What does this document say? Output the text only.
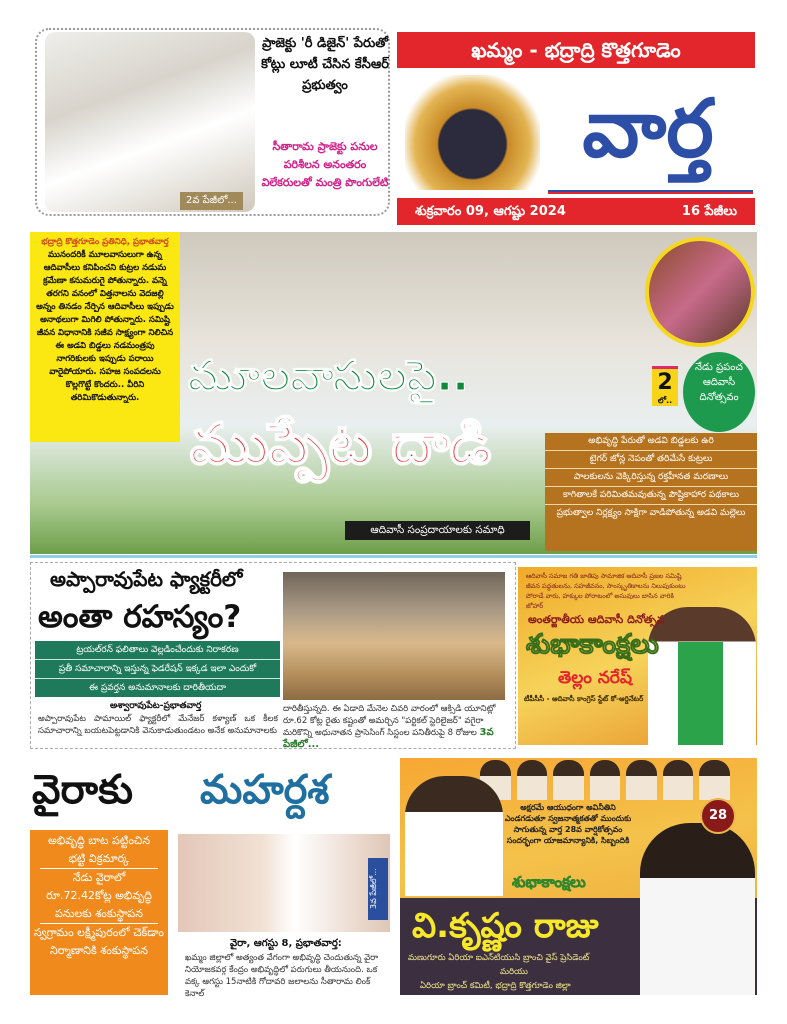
2వ పేజీలో...
ప్రాజెక్టు 'రీ డిజైన్' పేరుతో కోట్లు లూటీ చేసిన కేసీఆర్ ప్రభుత్వం
సీతారామ ప్రాజెక్టు పనుల పరిశీలన అనంతరం విలేకరులతో మంత్రి పొంగులేటి
ఖమ్మం - భద్రాద్రి కొత్తగూడెం
వార్త
శుక్రవారం 09, ఆగష్టు 2024	16 పేజీలు
అభివృద్ధి పేరుతో అడవి బిడ్డలకు ఉరి
టైగర్ జోన్ల నెపంతో తరిమేసే కుట్రలు
పాలకులను వెక్కిరిస్తున్న రక్తహీనత మరణాలు
కాగితాలకే పరిమితమవుతున్న పౌష్టికాహార పథకాలు
ప్రభుత్వాల నిర్లక్ష్యం సాక్షిగా వాడిపోతున్న అడవి మల్లెలు
భద్రాద్రి కొత్తగూడెం ప్రతినిధి, ప్రభాతవార్త
మునందరికీ మూలవాసులుగా ఉన్న ఆదివాసీలు కనిపించని కుట్రల నడుమ క్రమేణా కనుమరుగై పోతున్నారు. వన్నె తరగని వనంలో విత్తనాలను వెదజల్లి అన్నం తినడం నేర్పిన ఆదివాసీలు ఇప్పుడు అనాథలుగా మిగిలి పోతున్నారు. సమిష్టి జీవన విధానానికి సజీవ సాక్ష్యంగా నిలిచిన ఈ అడవి బిడ్డలు నడమంత్రపు నాగరికులకు ఇప్పుడు పరాయి వారైపోయారు. సహజ సంపదలను కొల్లగొట్టే కొందరు.. వీరిని తరిమికొడుతున్నారు.
2
లో..
నేడు ప్రపంచ ఆదివాసీ దినోత్సవం
మూలవాసులపై..
ముప్పేట దాడి
ఆదివాసీ సంప్రదాయాలకు సమాధి
అప్పారావుపేట ఫ్యాక్టరీలో
అంతా రహస్యం?
ట్రయల్‌రన్ ఫలితాలు వెల్లడించేందుకు నిరాకరణ
ప్రతీ సమాచారాన్ని ఇస్తున్న ఫెడరేషన్ ఇక్కడ ఇలా ఎందుకో
ఈ ప్రవర్తన అనుమానాలకు దారితీయదా
అశ్వారావుపేట-ప్రభాతవార్త
అప్పారావుపేట పామాయిల్ ఫ్యాక్టరీలో మేనేజర్ కళ్యాణ్ ఒక కీలక సమాచారాన్ని బయటపెట్టడానికి వెనుకాడుతుండటం అనేక అనుమానాలకు
దారితీస్తున్నది. ఈ ఏడాది మేనెల చివరి వారంలో ఆక్సిడి యూనిట్లో రూ.62 కోట్ల రైతు కష్టంతో అమర్చిన "పర్టికల్ స్టెరిలైజర్" వగైరా మరికొన్ని అధునాతన ప్రాసెసింగ్ సిస్టంల పనితీరుపై 8 రోజుల 3వ పేజీలో...
ఆదివాసీ సమాజ గతి జాతిపు సామాజిక ఆదివాసీ ప్రజల సమిష్టి జీవన పద్ధతులను, సహజీవనం, సాంస్కృతికాలను నిలుపుకుంటు పోరాడే వారు, హక్కుల పోరాటంలో అసువులు బాసిన వారికి జోహార్
అంతర్జాతీయ ఆదివాసీ దినోత్సవ
శుభాకాంక్షలు
తెల్లం నరేష్
టీపీసీసీ - ఆదివాసీ కాంగ్రెస్ స్టేట్ కో-ఆర్డినేటర్
వైరాకు మహర్దశ
అభివృద్ధి బాట పట్టించిన భట్టి విక్రమార్క
నేడు వైరాలో రూ.72.42కోట్ల అభివృద్ధి పనులకు శంకుస్థాపన
స్వగ్రామం లక్ష్మీపురంలో చెక్‌డాం నిర్మాణానికి శంకుస్థాపన
3వ పేజీలో...
వైరా, ఆగస్టు 8, ప్రభాతవార్త:
ఖమ్మం జిల్లాలో అత్యంత వేగంగా అభివృద్ధి చెందుతున్న వైరా నియోజకవర్గ కేంద్రం అభివృద్ధిలో పరుగులు తీయనుంది. ఒక వక్క ఆగస్టు 15నాటికి గోదావరి జలాలను సీతారామ లింక్ కెనాల్
అక్షరమే ఆయుధంగా అవినీతిని ఎండగడుతూ స్వజనాత్మకతతో ముందుకు సాగుతున్న వార్త 28వ వార్షికోత్సవం సందర్భంగా యాజమాన్యానికి, సిబ్బందికి
శుభాకాంక్షలు
28
వి.కృష్ణం రాజు
మణుగూరు ఏరియా ఐఎన్‌టియుసి బ్రాంచి వైస్ ప్రెసిడెంట్
మరియు
ఏరియా బ్రాంచ్ కమిటీ, భద్రాద్రి కొత్తగూడెం జిల్లా
